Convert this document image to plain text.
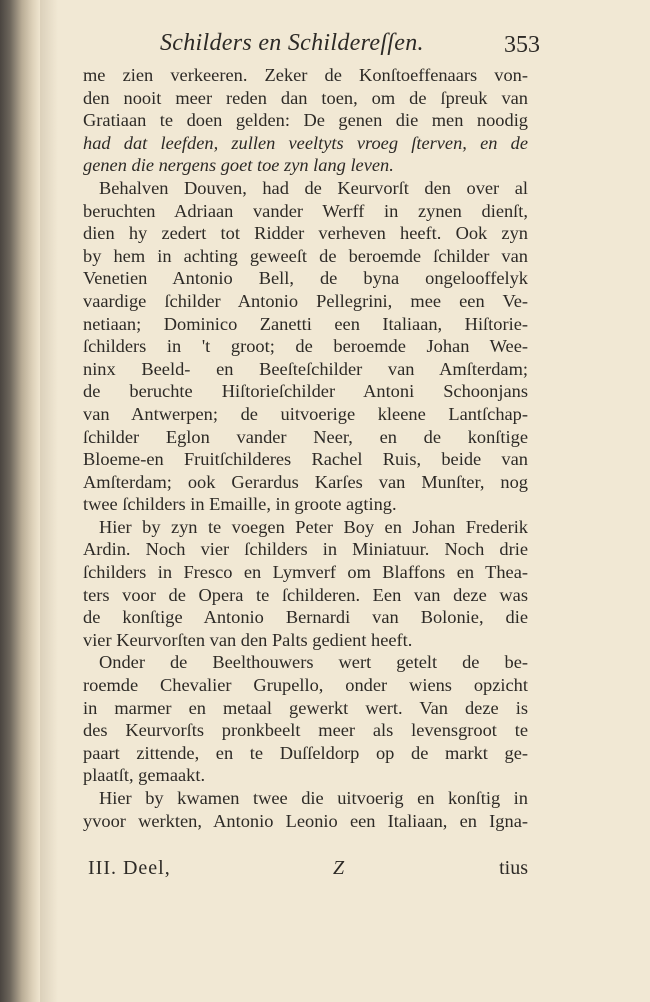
Schilders en Schildereſſen.	353
me zien verkeeren. Zeker de Konſtoeffenaars von-
den nooit meer reden dan toen, om de ſpreuk van
Gratiaan te doen gelden: De genen die men noodig
had dat leefden, zullen veeltyts vroeg ſterven, en de
genen die nergens goet toe zyn lang leven.
Behalven Douven, had de Keurvorſt den over al
beruchten Adriaan vander Werff in zynen dienſt,
dien hy zedert tot Ridder verheven heeft. Ook zyn
by hem in achting geweeſt de beroemde ſchilder van
Venetien Antonio Bell, de byna ongelooffelyk
vaardige ſchilder Antonio Pellegrini, mee een Ve-
netiaan; Dominico Zanetti een Italiaan, Hiſtorie-
ſchilders in 't groot; de beroemde Johan Wee-
ninx Beeld- en Beeſteſchilder van Amſterdam;
de beruchte Hiſtorieſchilder Antoni Schoonjans
van Antwerpen; de uitvoerige kleene Lantſchap-
ſchilder Eglon vander Neer, en de konſtige
Bloeme-en Fruitſchilderes Rachel Ruis, beide van
Amſterdam; ook Gerardus Karſes van Munſter, nog
twee ſchilders in Emaille, in groote agting.
Hier by zyn te voegen Peter Boy en Johan Frederik
Ardin. Noch vier ſchilders in Miniatuur. Noch drie
ſchilders in Fresco en Lymverf om Blaffons en Thea-
ters voor de Opera te ſchilderen. Een van deze was
de konſtige Antonio Bernardi van Bolonie, die
vier Keurvorſten van den Palts gedient heeft.
Onder de Beelthouwers wert getelt de be-
roemde Chevalier Grupello, onder wiens opzicht
in marmer en metaal gewerkt wert. Van deze is
des Keurvorſts pronkbeelt meer als levensgroot te
paart zittende, en te Duſſeldorp op de markt ge-
plaatſt, gemaakt.
Hier by kwamen twee die uitvoerig en konſtig in
yvoor werkten, Antonio Leonio een Italiaan, en Igna-
III. Deel,	Z	tius
